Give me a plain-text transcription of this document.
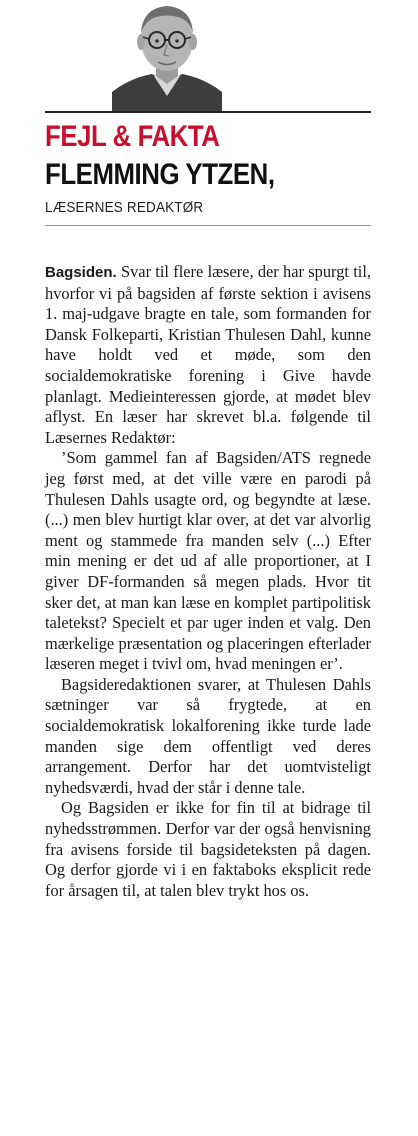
FEJL & FAKTA
FLEMMING YTZEN,
LÆSERNES REDAKTØR

Bagsiden. Svar til flere læsere, der har spurgt til, hvorfor vi på bagsiden af første sektion i avisens 1. maj-udgave bragte en tale, som formanden for Dansk Folkeparti, Kristian Thulesen Dahl, kunne have holdt ved et møde, som den socialdemokratiske forening i Give havde planlagt. Medieinteressen gjorde, at mødet blev aflyst. En læser har skrevet bl.a. følgende til Læsernes Redaktør:

’Som gammel fan af Bagsiden/ATS regnede jeg først med, at det ville være en parodi på Thulesen Dahls usagte ord, og begyndte at læse. (...) men blev hurtigt klar over, at det var alvorlig ment og stammede fra manden selv (...) Efter min mening er det ud af alle proportioner, at I giver DF-formanden så megen plads. Hvor tit sker det, at man kan læse en komplet partipolitisk taletekst? Specielt et par uger inden et valg. Den mærkelige præsentation og placeringen efterlader læseren meget i tvivl om, hvad meningen er’.

Bagsideredaktionen svarer, at Thulesen Dahls sætninger var så frygtede, at en socialdemokratisk lokalforening ikke turde lade manden sige dem offentligt ved deres arrangement. Derfor har det uomtvisteligt nyhedsværdi, hvad der står i denne tale.

Og Bagsiden er ikke for fin til at bidrage til nyhedsstrømmen. Derfor var der også henvisning fra avisens forside til bagsideteksten på dagen. Og derfor gjorde vi i en faktaboks eksplicit rede for årsagen til, at talen blev trykt hos os.
